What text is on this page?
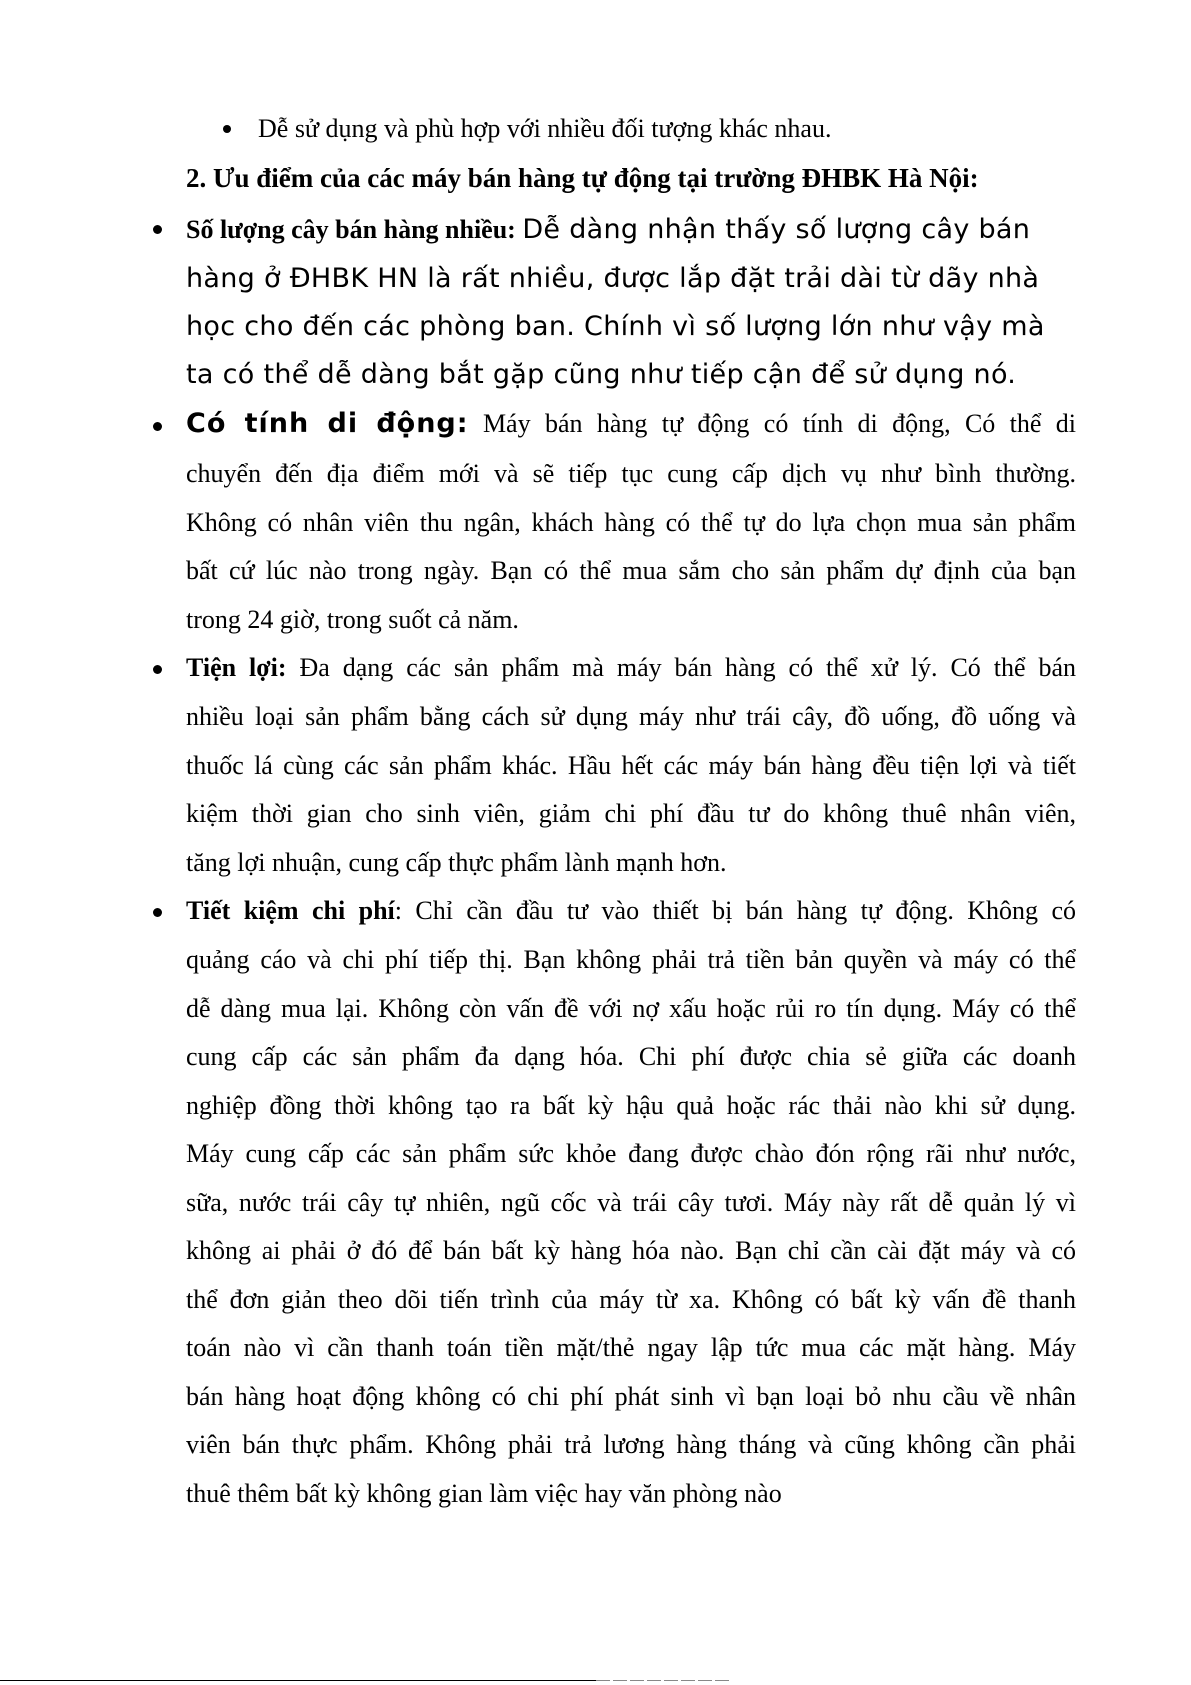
Dễ sử dụng và phù hợp với nhiều đối tượng khác nhau.
2. Ưu điểm của các máy bán hàng tự động tại trường ĐHBK Hà Nội:
Số lượng cây bán hàng nhiều: Dễ dàng nhận thấy số lượng cây bán
hàng ở ĐHBK HN là rất nhiều, được lắp đặt trải dài từ dãy nhà
học cho đến các phòng ban. Chính vì số lượng lớn như vậy mà
ta có thể dễ dàng bắt gặp cũng như tiếp cận để sử dụng nó.
Có tính di động: Máy bán hàng tự động có tính di động, Có thể di
chuyển đến địa điểm mới và sẽ tiếp tục cung cấp dịch vụ như bình thường.
Không có nhân viên thu ngân, khách hàng có thể tự do lựa chọn mua sản phẩm
bất cứ lúc nào trong ngày. Bạn có thể mua sắm cho sản phẩm dự định của bạn
trong 24 giờ, trong suốt cả năm.
Tiện lợi: Đa dạng các sản phẩm mà máy bán hàng có thể xử lý. Có thể bán
nhiều loại sản phẩm bằng cách sử dụng máy như trái cây, đồ uống, đồ uống và
thuốc lá cùng các sản phẩm khác. Hầu hết các máy bán hàng đều tiện lợi và tiết
kiệm thời gian cho sinh viên, giảm chi phí đầu tư do không thuê nhân viên,
tăng lợi nhuận, cung cấp thực phẩm lành mạnh hơn.
Tiết kiệm chi phí: Chỉ cần đầu tư vào thiết bị bán hàng tự động. Không có
quảng cáo và chi phí tiếp thị. Bạn không phải trả tiền bản quyền và máy có thể
dễ dàng mua lại. Không còn vấn đề với nợ xấu hoặc rủi ro tín dụng. Máy có thể
cung cấp các sản phẩm đa dạng hóa. Chi phí được chia sẻ giữa các doanh
nghiệp đồng thời không tạo ra bất kỳ hậu quả hoặc rác thải nào khi sử dụng.
Máy cung cấp các sản phẩm sức khỏe đang được chào đón rộng rãi như nước,
sữa, nước trái cây tự nhiên, ngũ cốc và trái cây tươi. Máy này rất dễ quản lý vì
không ai phải ở đó để bán bất kỳ hàng hóa nào. Bạn chỉ cần cài đặt máy và có
thể đơn giản theo dõi tiến trình của máy từ xa. Không có bất kỳ vấn đề thanh
toán nào vì cần thanh toán tiền mặt/thẻ ngay lập tức mua các mặt hàng. Máy
bán hàng hoạt động không có chi phí phát sinh vì bạn loại bỏ nhu cầu về nhân
viên bán thực phẩm. Không phải trả lương hàng tháng và cũng không cần phải
thuê thêm bất kỳ không gian làm việc hay văn phòng nào
